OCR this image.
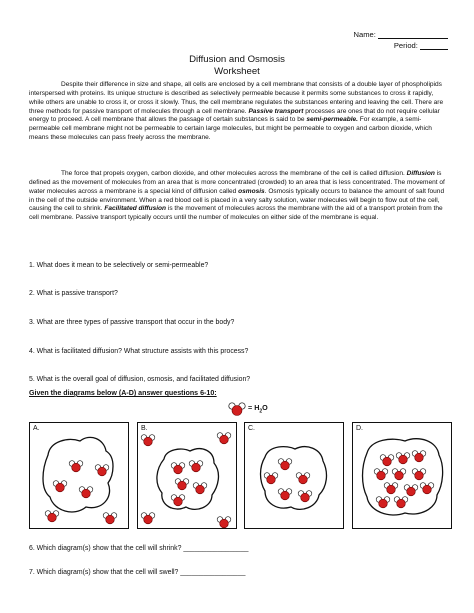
Name:
Period:
Diffusion and Osmosis
Worksheet

Despite their difference in size and shape, all cells are enclosed by a cell membrane that consists of a double layer of phospholipids interspersed with proteins. Its unique structure is described as selectively permeable because it permits some substances to cross it rapidly, while others are unable to cross it, or cross it slowly. Thus, the cell membrane regulates the substances entering and leaving the cell. There are three methods for passive transport of molecules through a cell membrane. Passive transport processes are ones that do not require cellular energy to proceed. A cell membrane that allows the passage of certain substances is said to be semi-permeable. For example, a semi-permeable cell membrane might not be permeable to certain large molecules, but might be permeable to oxygen and carbon dioxide, which means these molecules can pass freely across the membrane.

The force that propels oxygen, carbon dioxide, and other molecules across the membrane of the cell is called diffusion. Diffusion is defined as the movement of molecules from an area that is more concentrated (crowded) to an area that is less concentrated. The movement of water molecules across a membrane is a special kind of diffusion called osmosis. Osmosis typically occurs to balance the amount of salt found in the cell of the outside environment. When a red blood cell is placed in a very salty solution, water molecules will begin to flow out of the cell, causing the cell to shrink. Facilitated diffusion is the movement of molecules across the membrane with the aid of a transport protein from the cell membrane. Passive transport typically occurs until the number of molecules on either side of the membrane is equal.

1. What does it mean to be selectively or semi-permeable?
2. What is passive transport?
3. What are three types of passive transport that occur in the body?
4. What is facilitated diffusion? What structure assists with this process?
5. What is the overall goal of diffusion, osmosis, and facilitated diffusion?
Given the diagrams below (A-D) answer questions 6-10:
= $H_2O$
A.	B.	C.	D.
6. Which diagram(s) show that the cell will shrink? _________________
7. Which diagram(s) show that the cell will swell? _________________
